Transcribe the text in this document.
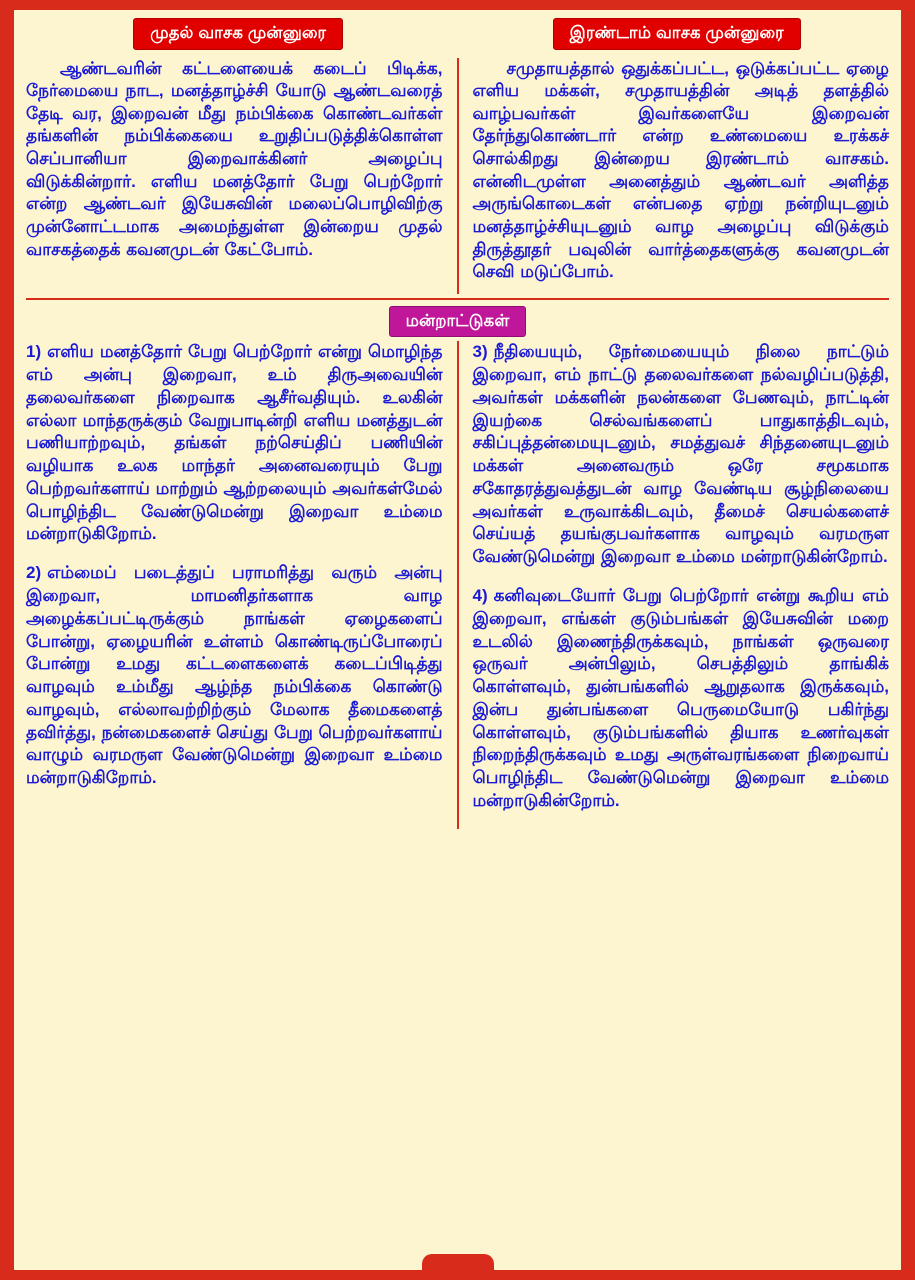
முதல் வாசக முன்னுரை	இரண்டாம் வாசக முன்னுரை

ஆண்டவரின் கட்டளையைக் கடைப் பிடிக்க, நேர்மையை நாட, மனத்தாழ்ச்சி யோடு ஆண்டவரைத் தேடி வர, இறைவன் மீது நம்பிக்கை கொண்டவர்கள் தங்களின் நம்பிக்கையை உறுதிப்படுத்திக்கொள்ள செப்பானியா இறைவாக்கினர் அழைப்பு விடுக்கின்றார். எளிய மனத்தோர் பேறு பெற்றோர் என்ற ஆண்டவர் இயேசுவின் மலைப்பொழிவிற்கு முன்னோட்டமாக அமைந்துள்ள இன்றைய முதல் வாசகத்தைக் கவனமுடன் கேட்போம்.

சமுதாயத்தால் ஒதுக்கப்பட்ட, ஒடுக்கப்பட்ட ஏழை எளிய மக்கள், சமுதாயத்தின் அடித் தளத்தில் வாழ்பவர்கள் இவர்களையே இறைவன் தேர்ந்துகொண்டார் என்ற உண்மையை உரக்கச் சொல்கிறது இன்றைய இரண்டாம் வாசகம். என்னிடமுள்ள அனைத்தும் ஆண்டவர் அளித்த அருங்கொடைகள் என்பதை ஏற்று நன்றியுடனும் மனத்தாழ்ச்சியுடனும் வாழ அழைப்பு விடுக்கும் திருத்தூதர் பவுலின் வார்த்தைகளுக்கு கவனமுடன் செவி மடுப்போம்.

மன்றாட்டுகள்

1) எளிய மனத்தோர் பேறு பெற்றோர் என்று மொழிந்த எம் அன்பு இறைவா, உம் திருஅவையின் தலைவர்களை நிறைவாக ஆசீர்வதியும். உலகின் எல்லா மாந்தருக்கும் வேறுபாடின்றி எளிய மனத்துடன் பணியாற்றவும், தங்கள் நற்செய்திப் பணியின் வழியாக உலக மாந்தர் அனைவரையும் பேறு பெற்றவர்களாய் மாற்றும் ஆற்றலையும் அவர்கள்மேல் பொழிந்திட வேண்டுமென்று இறைவா உம்மை மன்றாடுகிறோம்.

2) எம்மைப் படைத்துப் பராமரித்து வரும் அன்பு இறைவா, மாமனிதர்களாக வாழ அழைக்கப்பட்டிருக்கும் நாங்கள் ஏழைகளைப் போன்று, ஏழையரின் உள்ளம் கொண்டிருப்போரைப் போன்று உமது கட்டளைகளைக் கடைப்பிடித்து வாழவும் உம்மீது ஆழ்ந்த நம்பிக்கை கொண்டு வாழவும், எல்லாவற்றிற்கும் மேலாக தீமைகளைத் தவிர்த்து, நன்மைகளைச் செய்து பேறு பெற்றவர்களாய் வாழும் வரமருள வேண்டுமென்று இறைவா உம்மை மன்றாடுகிறோம்.

3) நீதியையும், நேர்மையையும் நிலை நாட்டும் இறைவா, எம் நாட்டு தலைவர்களை நல்வழிப்படுத்தி, அவர்கள் மக்களின் நலன்களை பேணவும், நாட்டின் இயற்கை செல்வங்களைப் பாதுகாத்திடவும், சகிப்புத்தன்மையுடனும், சமத்துவச் சிந்தனையுடனும் மக்கள் அனைவரும் ஒரே சமூகமாக சகோதரத்துவத்துடன் வாழ வேண்டிய சூழ்நிலையை அவர்கள் உருவாக்கிடவும், தீமைச் செயல்களைச் செய்யத் தயங்குபவர்களாக வாழவும் வரமருள வேண்டுமென்று இறைவா உம்மை மன்றாடுகின்றோம்.

4) கனிவுடையோர் பேறு பெற்றோர் என்று கூறிய எம் இறைவா, எங்கள் குடும்பங்கள் இயேசுவின் மறை உடலில் இணைந்திருக்கவும், நாங்கள் ஒருவரை ஒருவர் அன்பிலும், செபத்திலும் தாங்கிக் கொள்ளவும், துன்பங்களில் ஆறுதலாக இருக்கவும், இன்ப துன்பங்களை பெருமையோடு பகிர்ந்து கொள்ளவும், குடும்பங்களில் தியாக உணர்வுகள் நிறைந்திருக்கவும் உமது அருள்வரங்களை நிறைவாய் பொழிந்திட வேண்டுமென்று இறைவா உம்மை மன்றாடுகின்றோம்.
